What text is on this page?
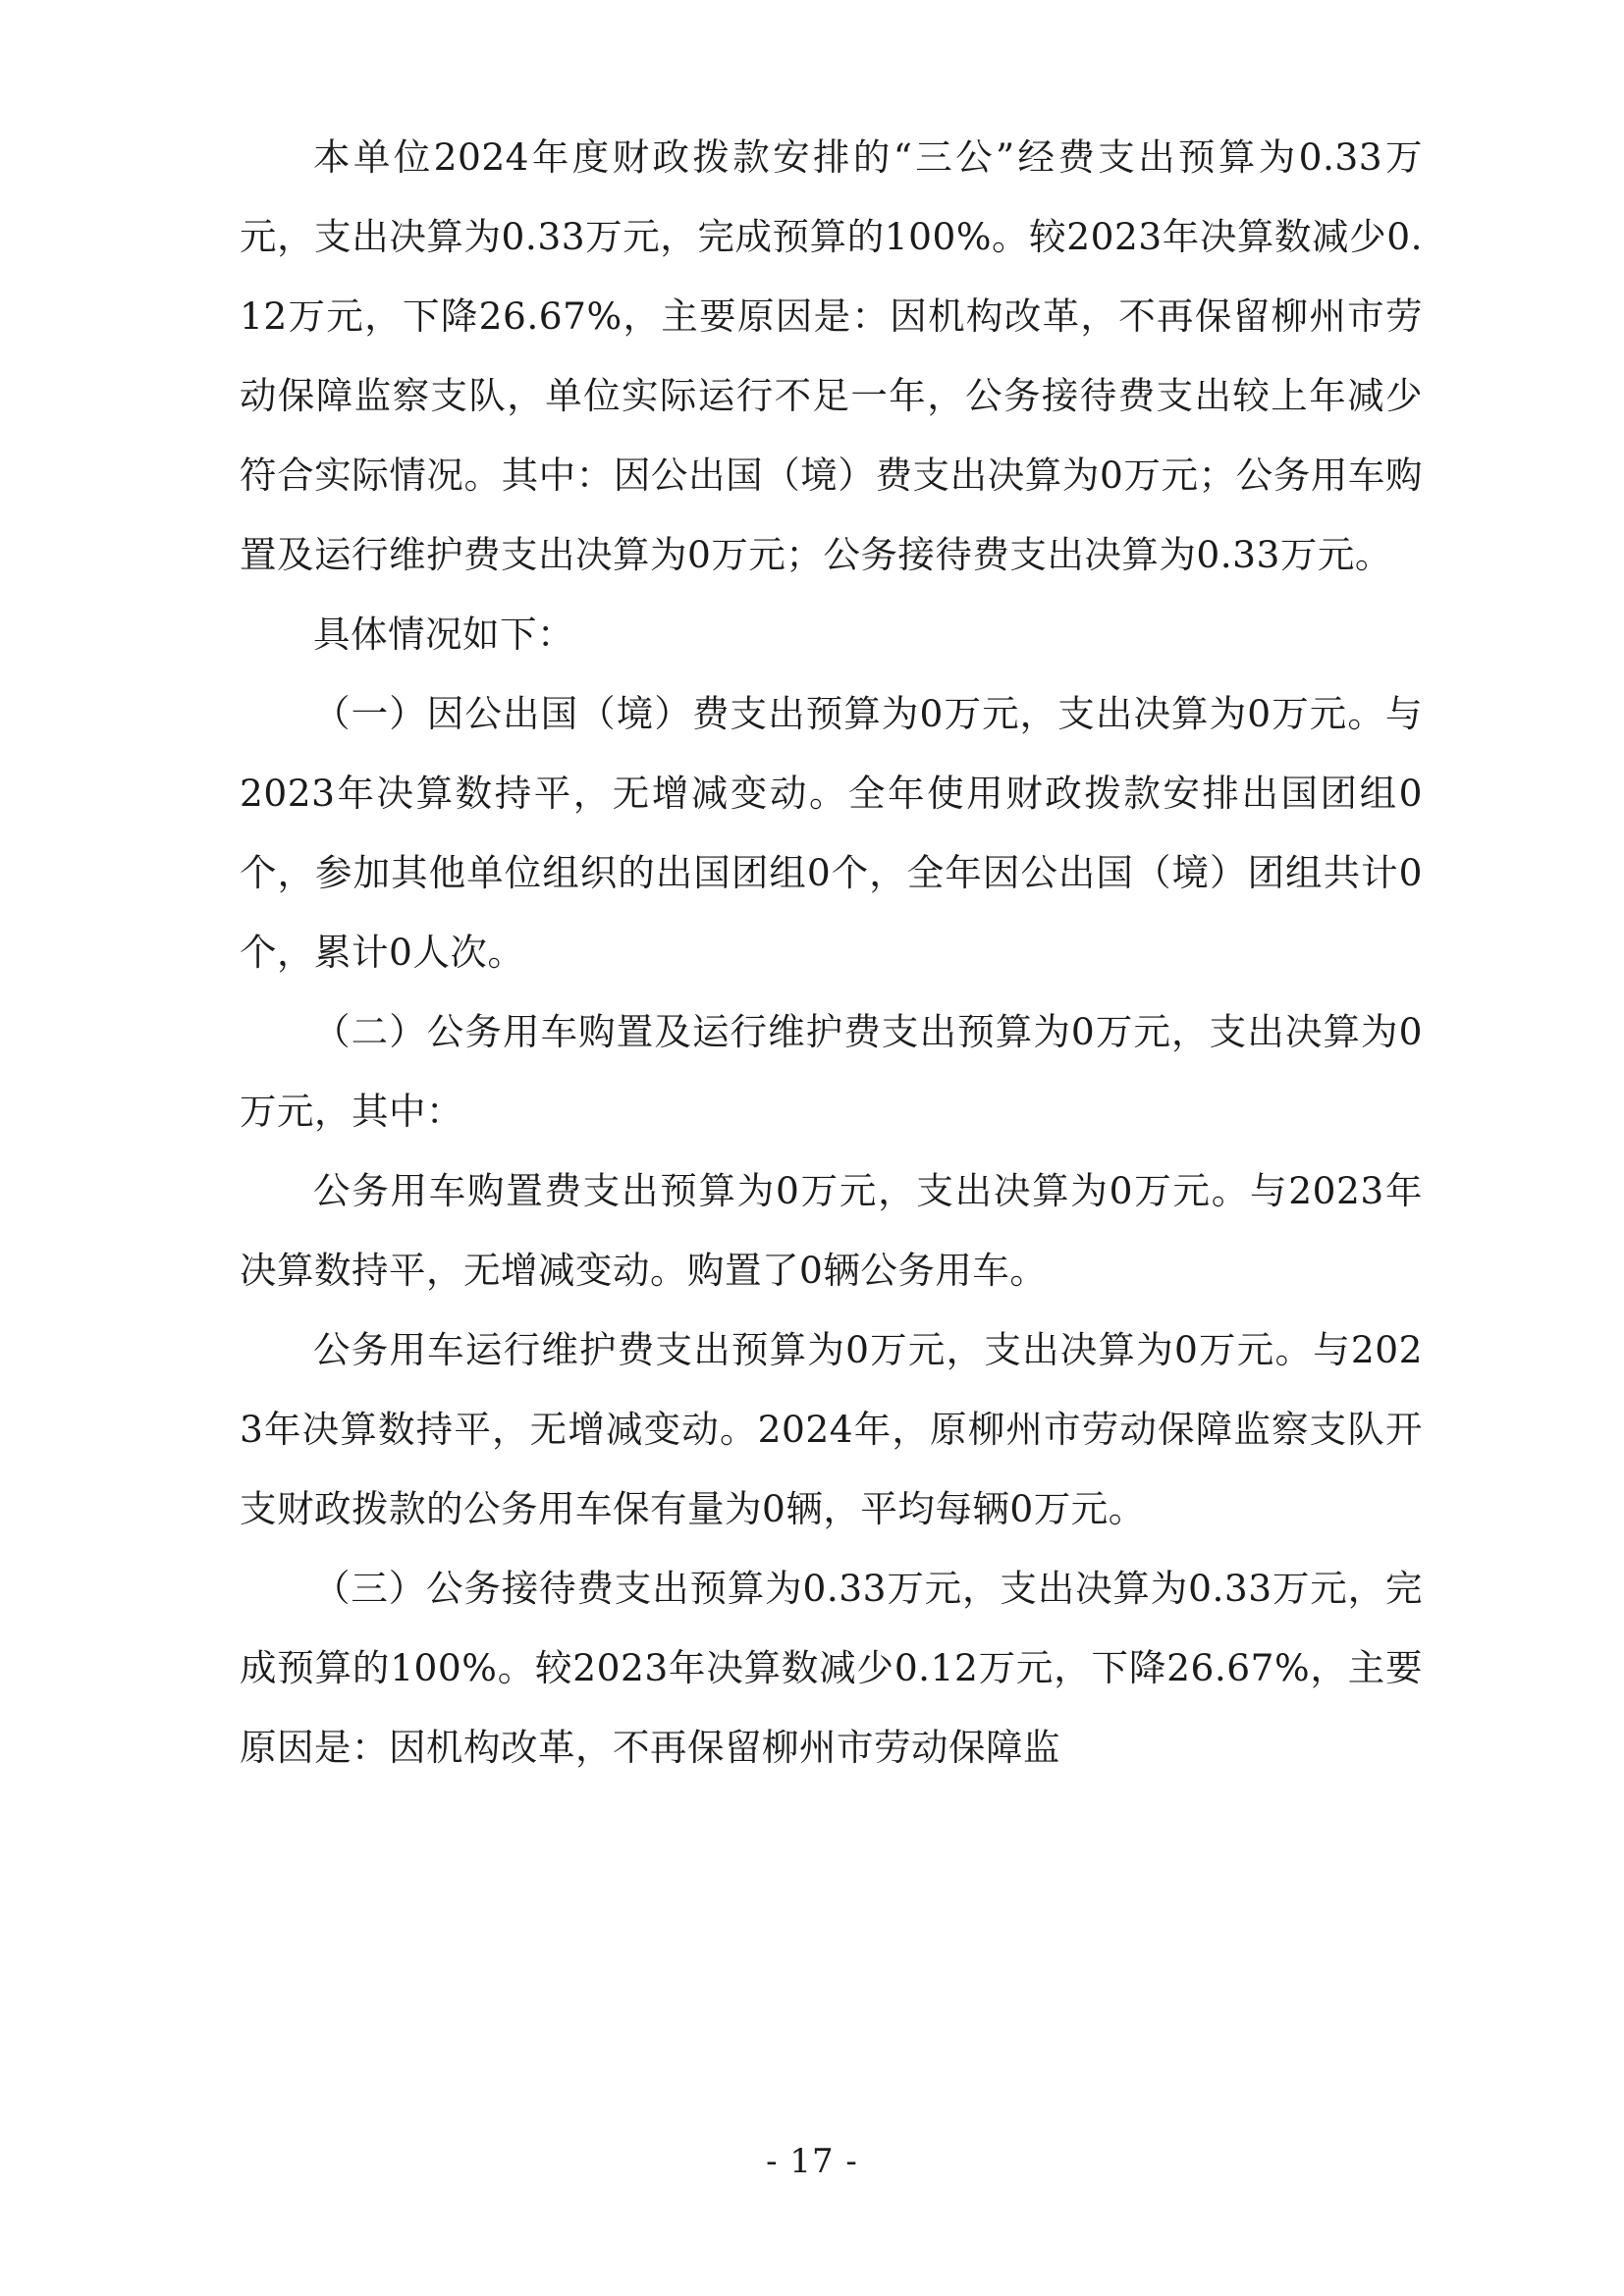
本单位2024年度财政拨款安排的“三公”经费支出预算为0.33万元，支出决算为0.33万元，完成预算的100%。较2023年决算数减少0.12万元，下降26.67%，主要原因是：因机构改革，不再保留柳州市劳动保障监察支队，单位实际运行不足一年，公务接待费支出较上年减少符合实际情况。其中：因公出国（境）费支出决算为0万元；公务用车购置及运行维护费支出决算为0万元；公务接待费支出决算为0.33万元。

具体情况如下：

（一）因公出国（境）费支出预算为0万元，支出决算为0万元。与2023年决算数持平，无增减变动。全年使用财政拨款安排出国团组0个，参加其他单位组织的出国团组0个，全年因公出国（境）团组共计0个，累计0人次。

（二）公务用车购置及运行维护费支出预算为0万元，支出决算为0万元，其中：

公务用车购置费支出预算为0万元，支出决算为0万元。与2023年决算数持平，无增减变动。购置了0辆公务用车。

公务用车运行维护费支出预算为0万元，支出决算为0万元。与2023年决算数持平，无增减变动。2024年，原柳州市劳动保障监察支队开支财政拨款的公务用车保有量为0辆，平均每辆0万元。

（三）公务接待费支出预算为0.33万元，支出决算为0.33万元，完成预算的100%。较2023年决算数减少0.12万元，下降26.67%，主要原因是：因机构改革，不再保留柳州市劳动保障监

- 17 -
